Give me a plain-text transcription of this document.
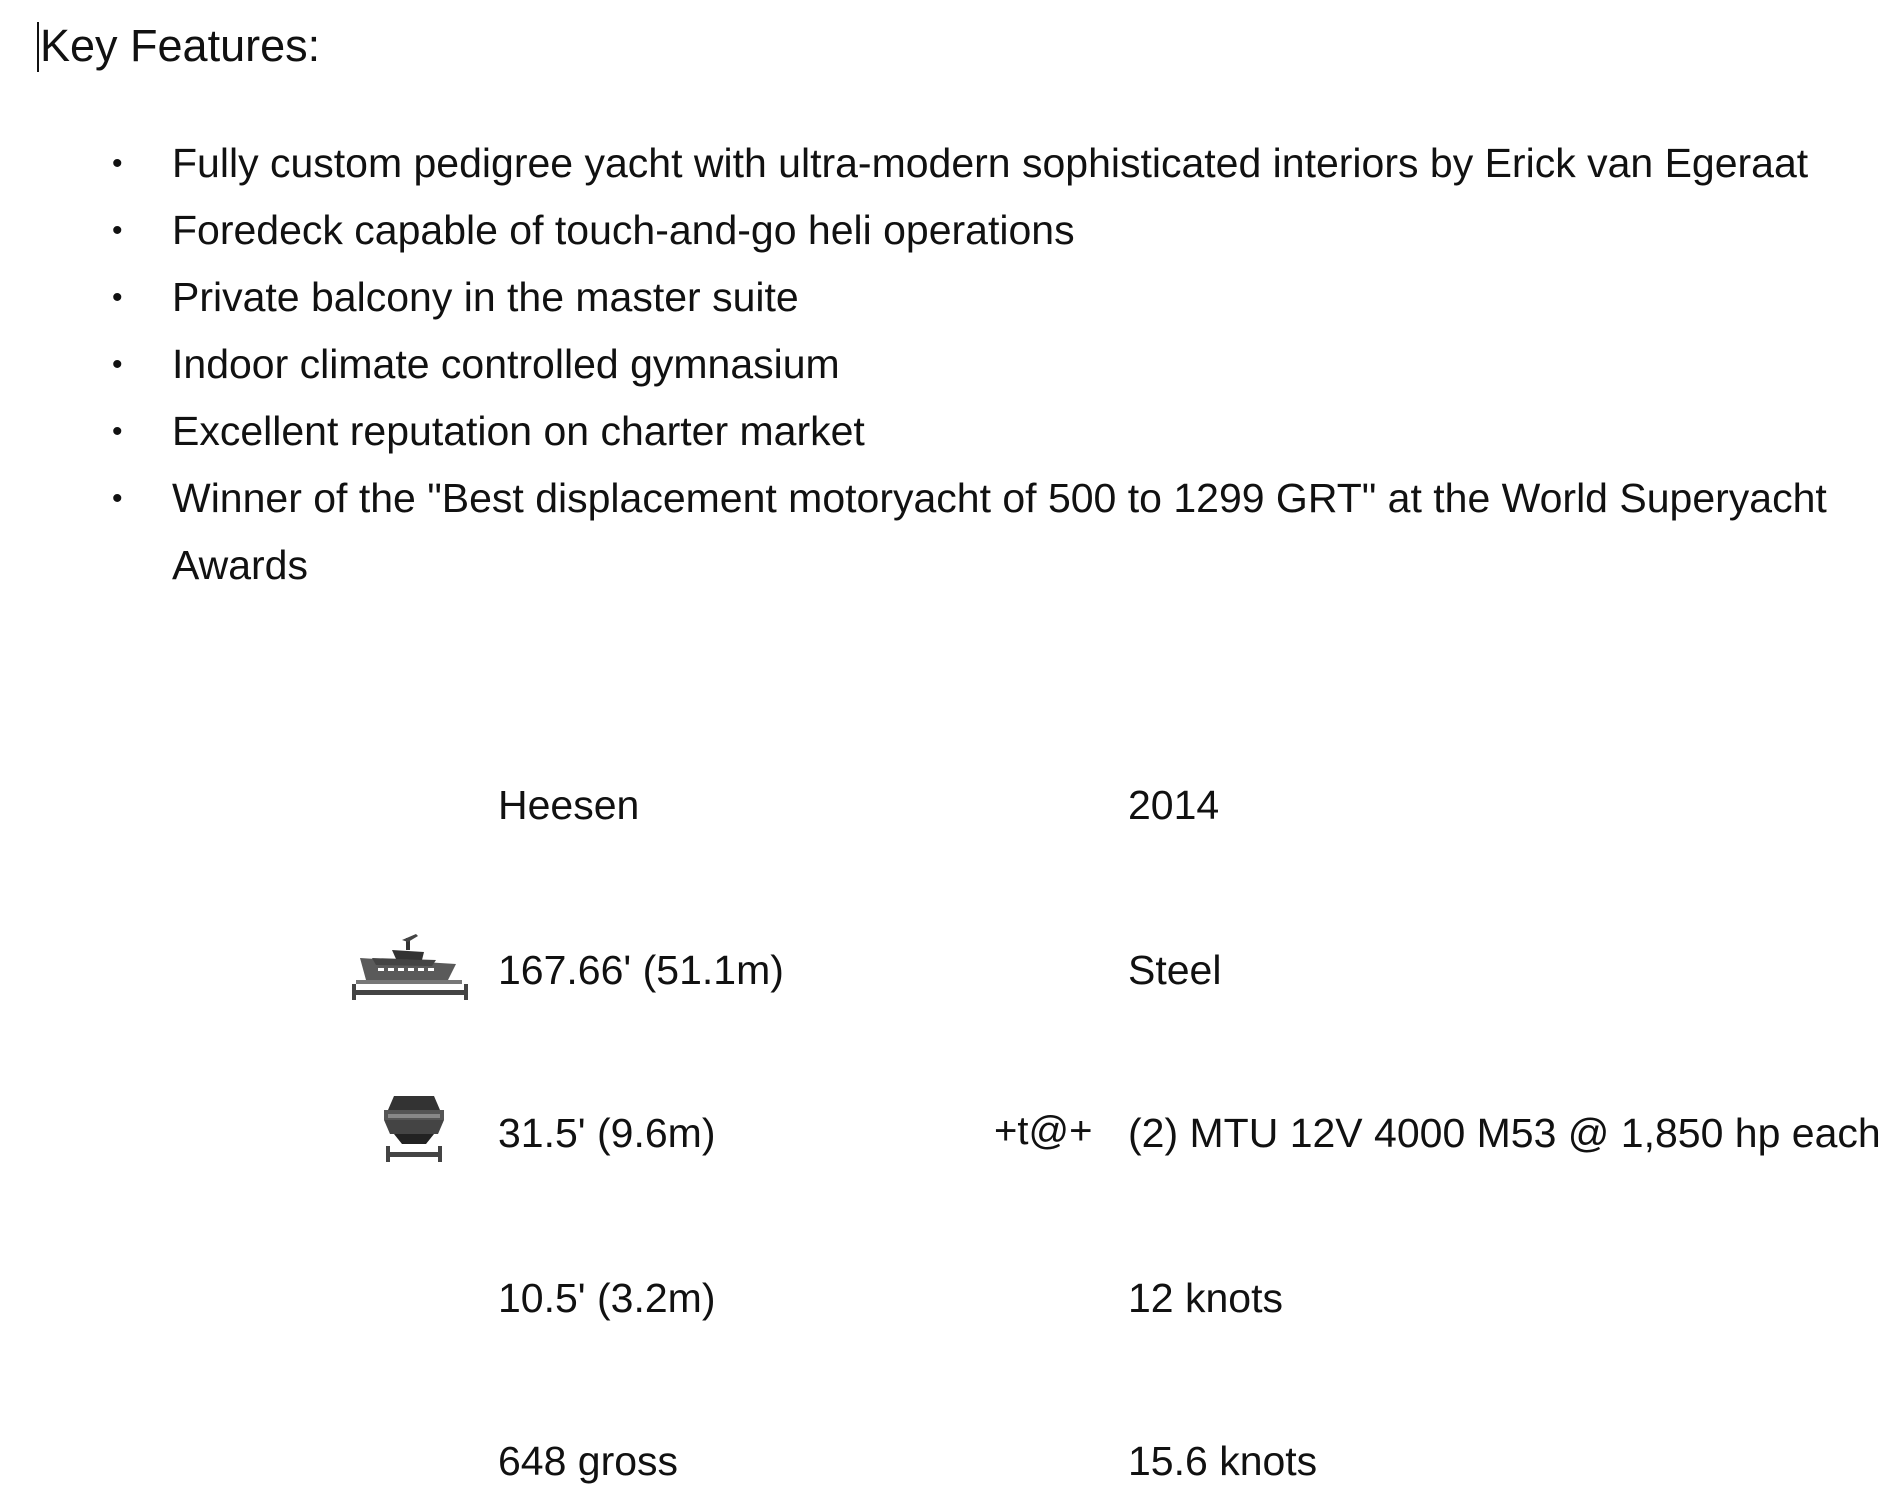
Key Features:
• Fully custom pedigree yacht with ultra-modern sophisticated interiors by Erick van Egeraat
• Foredeck capable of touch-and-go heli operations
• Private balcony in the master suite
• Indoor climate controlled gymnasium
• Excellent reputation on charter market
• Winner of the "Best displacement motoryacht of 500 to 1299 GRT" at the World Superyacht Awards
Heesen	2014
167.66' (51.1m)	Steel
31.5' (9.6m)	+t@+ (2) MTU 12V 4000 M53 @ 1,850 hp each
10.5' (3.2m)	12 knots
648 gross	15.6 knots
